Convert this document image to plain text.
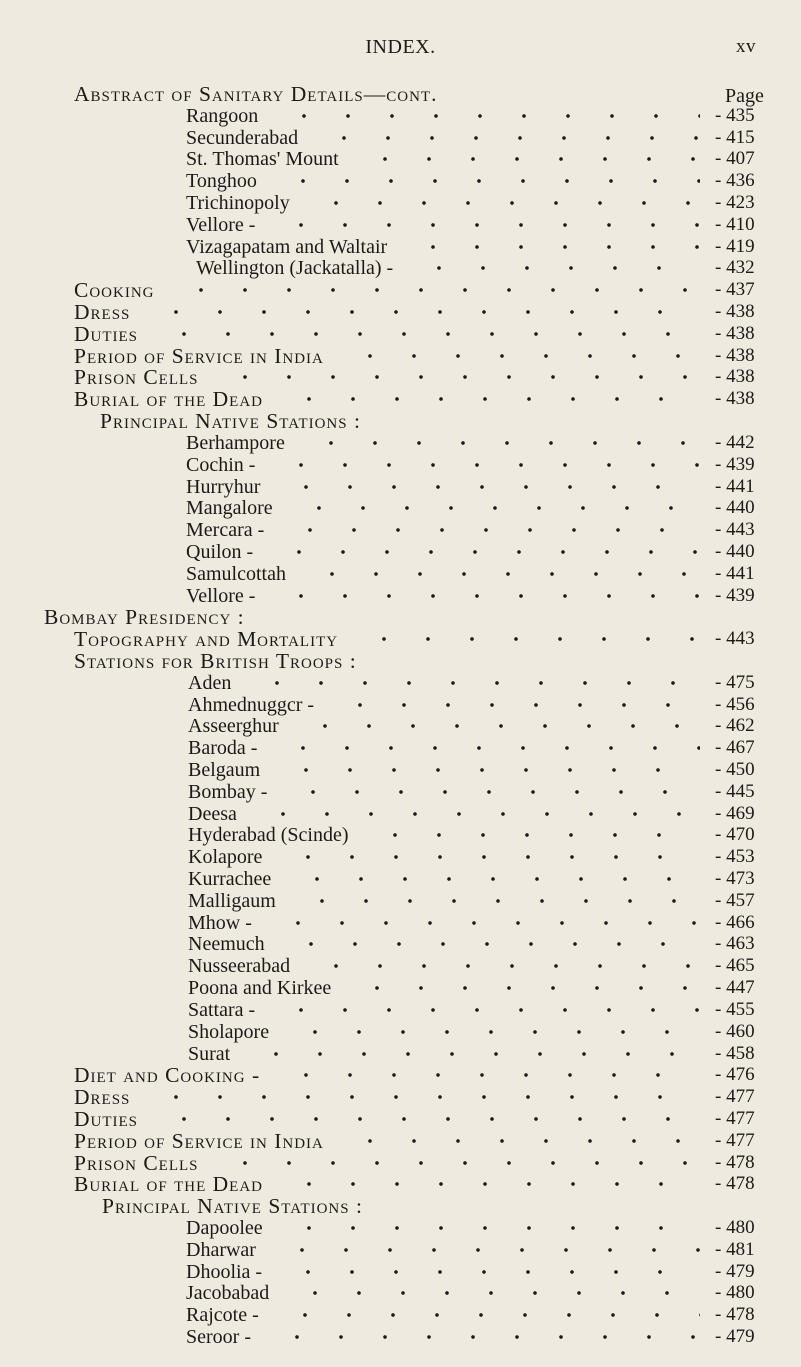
INDEX.	xv
Page
Abstract of Sanitary Details—cont.
Rangoon	- 435
Secunderabad	- 415
St. Thomas' Mount	- 407
Tonghoo	- 436
Trichinopoly	- 423
Vellore -	- 410
Vizagapatam and Waltair	- 419
Wellington (Jackatalla) -	- 432
Cooking	- 437
Dress	- 438
Duties	- 438
Period of Service in India	- 438
Prison Cells	- 438
Burial of the Dead	- 438
Principal Native Stations :
Berhampore	- 442
Cochin -	- 439
Hurryhur	- 441
Mangalore	- 440
Mercara -	- 443
Quilon -	- 440
Samulcottah	- 441
Vellore -	- 439
Bombay Presidency :
Topography and Mortality	- 443
Stations for British Troops :
Aden	- 475
Ahmednuggcr -	- 456
Asseerghur	- 462
Baroda -	- 467
Belgaum	- 450
Bombay -	- 445
Deesa	- 469
Hyderabad (Scinde)	- 470
Kolapore	- 453
Kurrachee	- 473
Malligaum	- 457
Mhow -	- 466
Neemuch	- 463
Nusseerabad	- 465
Poona and Kirkee	- 447
Sattara -	- 455
Sholapore	- 460
Surat	- 458
Diet and Cooking -	- 476
Dress	- 477
Duties	- 477
Period of Service in India	- 477
Prison Cells	- 478
Burial of the Dead	- 478
Principal Native Stations :
Dapoolee	- 480
Dharwar	- 481
Dhoolia -	- 479
Jacobabad	- 480
Rajcote -	- 478
Seroor -	- 479
